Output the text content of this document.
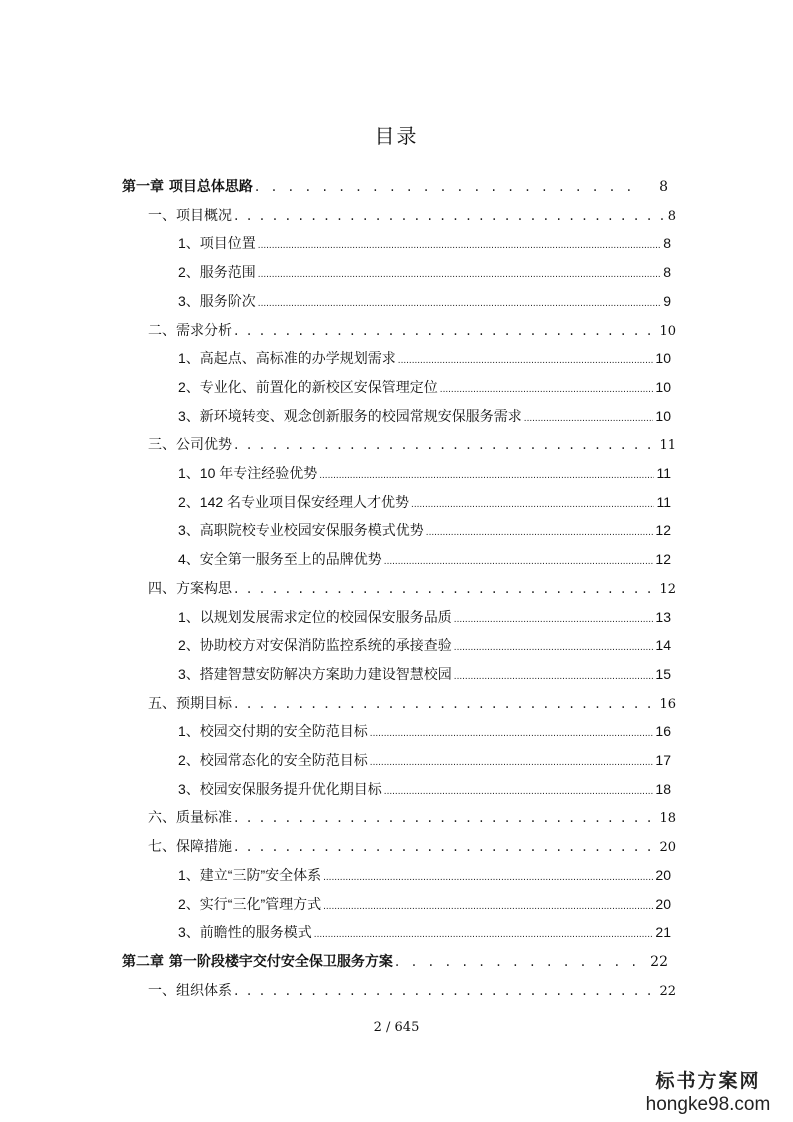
目录
第一章 项目总体思路 . . .	8
一、项目概况 . . .	8
1、项目位置 .....	8
2、服务范围 .....	8
3、服务阶次 .....	9
二、需求分析 . . .	10
1、高起点、高标准的办学规划需求 .....	10
2、专业化、前置化的新校区安保管理定位 .....	10
3、新环境转变、观念创新服务的校园常规安保服务需求 .....	10
三、公司优势 . . .	11
1、10 年专注经验优势 .....	11
2、142 名专业项目保安经理人才优势 .....	11
3、高职院校专业校园安保服务模式优势 .....	12
4、安全第一服务至上的品牌优势 .....	12
四、方案构思 . . .	12
1、以规划发展需求定位的校园保安服务品质 .....	13
2、协助校方对安保消防监控系统的承接查验 .....	14
3、搭建智慧安防解决方案助力建设智慧校园 .....	15
五、预期目标 . . .	16
1、校园交付期的安全防范目标 .....	16
2、校园常态化的安全防范目标 .....	17
3、校园安保服务提升优化期目标 .....	18
六、质量标准 . . .	18
七、保障措施 . . .	20
1、建立“三防”安全体系 .....	20
2、实行“三化”管理方式 .....	20
3、前瞻性的服务模式 .....	21
第二章 第一阶段楼宇交付安全保卫服务方案 . . .	22
一、组织体系 . . .	22
2 / 645
标书方案网
hongke98.com
